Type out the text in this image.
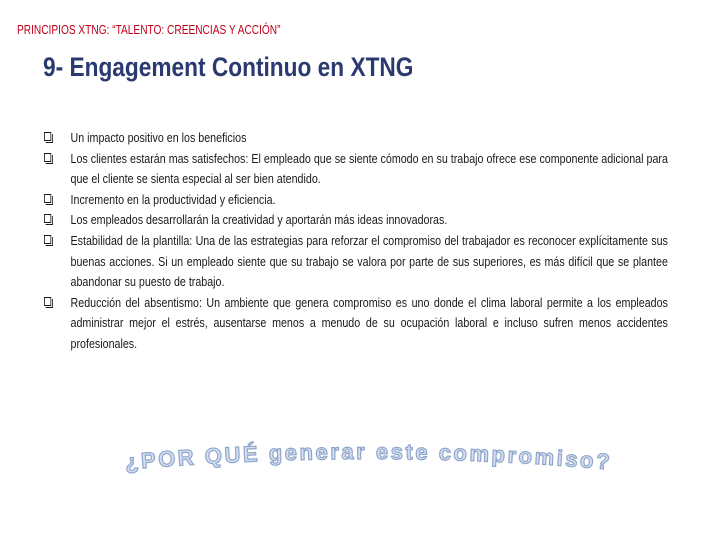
PRINCIPIOS XTNG: “TALENTO: CREENCIAS Y ACCIÓN”
9- Engagement Continuo en XTNG
Un impacto positivo en los beneficios
Los clientes estarán mas satisfechos: El empleado que se siente cómodo en su trabajo ofrece ese componente adicional para que el cliente se sienta especial al ser bien atendido.
Incremento en la productividad y eficiencia.
Los empleados desarrollarán la creatividad y aportarán más ideas innovadoras.
Estabilidad de la plantilla: Una de las estrategias para reforzar el compromiso del trabajador es reconocer explícitamente sus buenas acciones. Si un empleado siente que su trabajo se valora por parte de sus superiores, es más difícil que se plantee abandonar su puesto de trabajo.
Reducción del absentismo: Un ambiente que genera compromiso es uno donde el clima laboral permite a los empleados administrar mejor el estrés, ausentarse menos a menudo de su ocupación laboral e incluso sufren menos accidentes profesionales.
¿POR QUÉ generar este compromiso?
